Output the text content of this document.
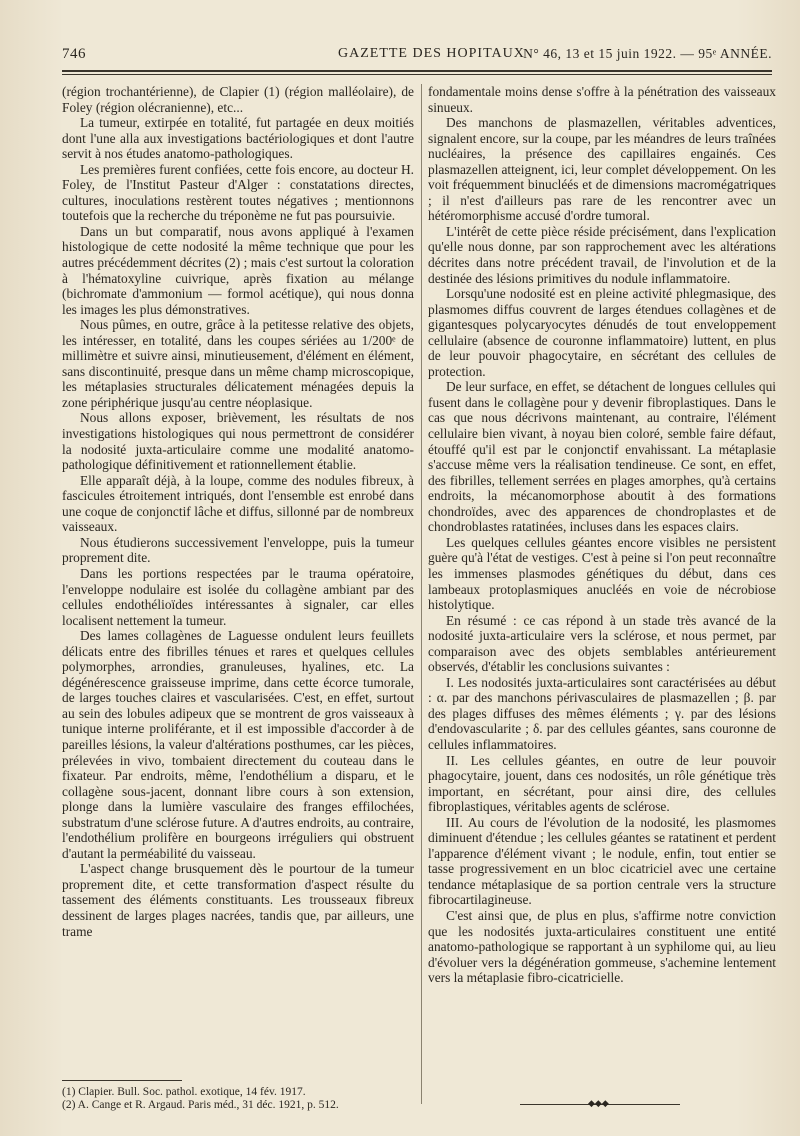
746	GAZETTE DES HOPITAUX
N° 46, 13 et 15 juin 1922. — 95ᵉ ANNÉE.

(région trochantérienne), de Clapier (1) (région malléolaire), de Foley (région olécranienne), etc...

La tumeur, extirpée en totalité, fut partagée en deux moitiés dont l'une alla aux investigations bactériologiques et dont l'autre servit à nos études anatomo-pathologiques.

Les premières furent confiées, cette fois encore, au docteur H. Foley, de l'Institut Pasteur d'Alger : constatations directes, cultures, inoculations restèrent toutes négatives ; mentionnons toutefois que la recherche du tréponème ne fut pas poursuivie.

Dans un but comparatif, nous avons appliqué à l'examen histologique de cette nodosité la même technique que pour les autres précédemment décrites (2) ; mais c'est surtout la coloration à l'hématoxyline cuivrique, après fixation au mélange (bichromate d'ammonium — formol acétique), qui nous donna les images les plus démonstratives.

Nous pûmes, en outre, grâce à la petitesse relative des objets, les intéresser, en totalité, dans les coupes sériées au 1/200ᵉ de millimètre et suivre ainsi, minutieusement, d'élément en élément, sans discontinuité, presque dans un même champ microscopique, les métaplasies structurales délicatement ménagées depuis la zone périphérique jusqu'au centre néoplasique.

Nous allons exposer, brièvement, les résultats de nos investigations histologiques qui nous permettront de considérer la nodosité juxta-articulaire comme une modalité anatomo-pathologique définitivement et rationnellement établie.

Elle apparaît déjà, à la loupe, comme des nodules fibreux, à fascicules étroitement intriqués, dont l'ensemble est enrobé dans une coque de conjonctif lâche et diffus, sillonné par de nombreux vaisseaux.

Nous étudierons successivement l'enveloppe, puis la tumeur proprement dite.

Dans les portions respectées par le trauma opératoire, l'enveloppe nodulaire est isolée du collagène ambiant par des cellules endothélioïdes intéressantes à signaler, car elles localisent nettement la tumeur.

Des lames collagènes de Laguesse ondulent leurs feuillets délicats entre des fibrilles ténues et rares et quelques cellules polymorphes, arrondies, granuleuses, hyalines, etc. La dégénérescence graisseuse imprime, dans cette écorce tumorale, de larges touches claires et vascularisées. C'est, en effet, surtout au sein des lobules adipeux que se montrent de gros vaisseaux à tunique interne proliférante, et il est impossible d'accorder à de pareilles lésions, la valeur d'altérations posthumes, car les pièces, prélevées in vivo, tombaient directement du couteau dans le fixateur. Par endroits, même, l'endothélium a disparu, et le collagène sous-jacent, donnant libre cours à son extension, plonge dans la lumière vasculaire des franges effilochées, substratum d'une sclérose future. A d'autres endroits, au contraire, l'endothélium prolifère en bourgeons irréguliers qui obstruent d'autant la perméabilité du vaisseau.

L'aspect change brusquement dès le pourtour de la tumeur proprement dite, et cette transformation d'aspect résulte du tassement des éléments constituants. Les trousseaux fibreux dessinent de larges plages nacrées, tandis que, par ailleurs, une trame

fondamentale moins dense s'offre à la pénétration des vaisseaux sinueux.

Des manchons de plasmazellen, véritables adventices, signalent encore, sur la coupe, par les méandres de leurs traînées nucléaires, la présence des capillaires engainés. Ces plasmazellen atteignent, ici, leur complet développement. On les voit fréquemment binucléés et de dimensions macromégatriques ; il n'est d'ailleurs pas rare de les rencontrer avec un hétéromorphisme accusé d'ordre tumoral.

L'intérêt de cette pièce réside précisément, dans l'explication qu'elle nous donne, par son rapprochement avec les altérations décrites dans notre précédent travail, de l'involution et de la destinée des lésions primitives du nodule inflammatoire.

Lorsqu'une nodosité est en pleine activité phlegmasique, des plasmomes diffus couvrent de larges étendues collagènes et de gigantesques polycaryocytes dénudés de tout enveloppement cellulaire (absence de couronne inflammatoire) luttent, en plus de leur pouvoir phagocytaire, en sécrétant des cellules de protection.

De leur surface, en effet, se détachent de longues cellules qui fusent dans le collagène pour y devenir fibroplastiques. Dans le cas que nous décrivons maintenant, au contraire, l'élément cellulaire bien vivant, à noyau bien coloré, semble faire défaut, étouffé qu'il est par le conjonctif envahissant. La métaplasie s'accuse même vers la réalisation tendineuse. Ce sont, en effet, des fibrilles, tellement serrées en plages amorphes, qu'à certains endroits, la mécanomorphose aboutit à des formations chondroïdes, avec des apparences de chondroplastes et de chondroblastes ratatinées, incluses dans les espaces clairs.

Les quelques cellules géantes encore visibles ne persistent guère qu'à l'état de vestiges. C'est à peine si l'on peut reconnaître les immenses plasmodes génétiques du début, dans ces lambeaux protoplasmiques anucléés en voie de nécrobiose histolytique.

En résumé : ce cas répond à un stade très avancé de la nodosité juxta-articulaire vers la sclérose, et nous permet, par comparaison avec des objets semblables antérieurement observés, d'établir les conclusions suivantes :

I. Les nodosités juxta-articulaires sont caractérisées au début : α. par des manchons périvasculaires de plasmazellen ; β. par des plages diffuses des mêmes éléments ; γ. par des lésions d'endovascularite ; δ. par des cellules géantes, sans couronne de cellules inflammatoires.

II. Les cellules géantes, en outre de leur pouvoir phagocytaire, jouent, dans ces nodosités, un rôle génétique très important, en sécrétant, pour ainsi dire, des cellules fibroplastiques, véritables agents de sclérose.

III. Au cours de l'évolution de la nodosité, les plasmomes diminuent d'étendue ; les cellules géantes se ratatinent et perdent l'apparence d'élément vivant ; le nodule, enfin, tout entier se tasse progressivement en un bloc cicatriciel avec une certaine tendance métaplasique de sa portion centrale vers la structure fibrocartilagineuse.

C'est ainsi que, de plus en plus, s'affirme notre conviction que les nodosités juxta-articulaires constituent une entité anatomo-pathologique se rapportant à un syphilome qui, au lieu d'évoluer vers la dégénération gommeuse, s'achemine lentement vers la métaplasie fibro-cicatricielle.

(1) Clapier. Bull. Soc. pathol. exotique, 14 fév. 1917.

(2) A. Cange et R. Argaud. Paris méd., 31 déc. 1921, p. 512.	◆◆◆
